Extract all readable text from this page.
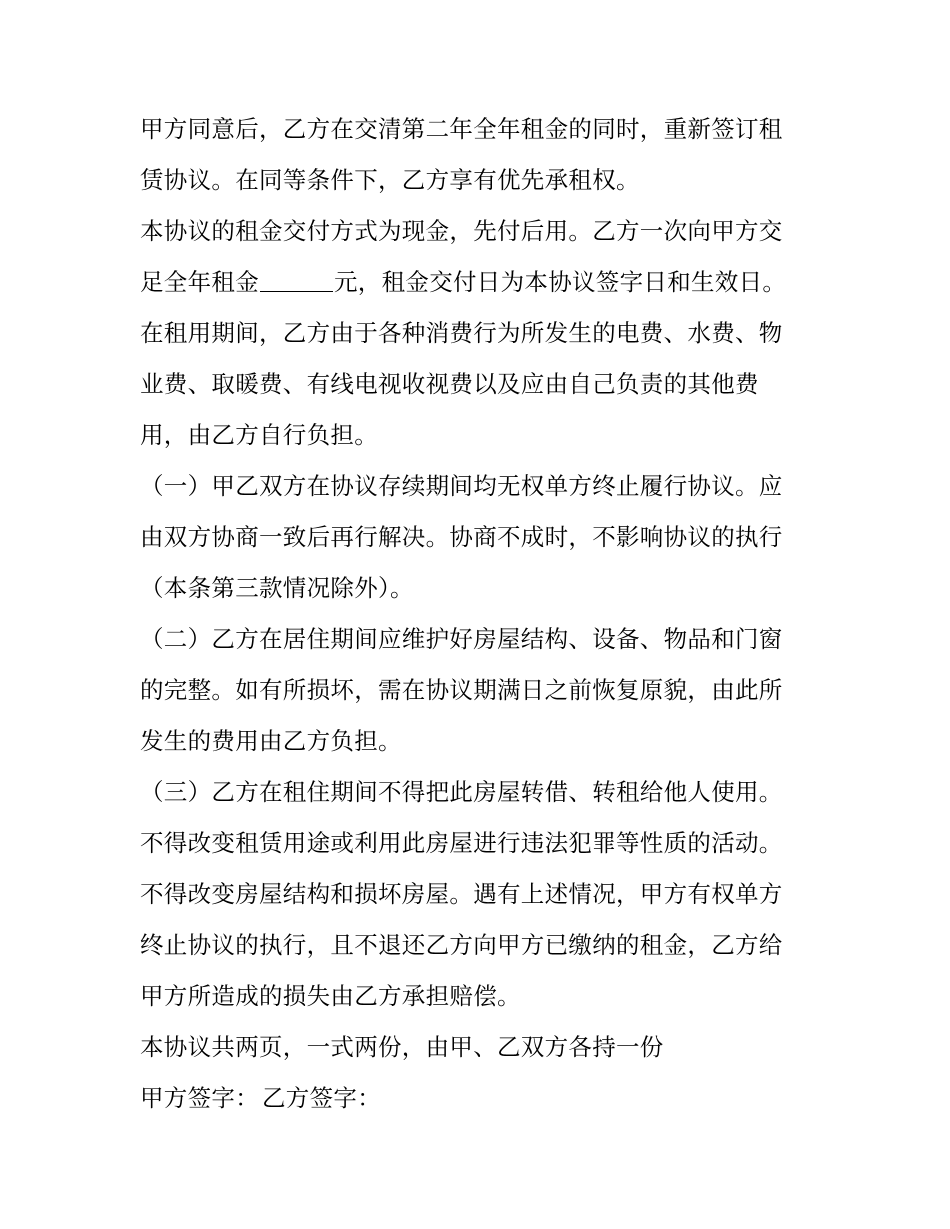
甲方同意后，乙方在交清第二年全年租金的同时，重新签订租
赁协议。在同等条件下，乙方享有优先承租权。
本协议的租金交付方式为现金，先付后用。乙方一次向甲方交
足全年租金	元，租金交付日为本协议签字日和生效日。
在租用期间，乙方由于各种消费行为所发生的电费、水费、物
业费、取暖费、有线电视收视费以及应由自己负责的其他费
用，由乙方自行负担。
（一）甲乙双方在协议存续期间均无权单方终止履行协议。应
由双方协商一致后再行解决。协商不成时，不影响协议的执行
（本条第三款情况除外）。
（二）乙方在居住期间应维护好房屋结构、设备、物品和门窗
的完整。如有所损坏，需在协议期满日之前恢复原貌，由此所
发生的费用由乙方负担。
（三）乙方在租住期间不得把此房屋转借、转租给他人使用。
不得改变租赁用途或利用此房屋进行违法犯罪等性质的活动。
不得改变房屋结构和损坏房屋。遇有上述情况，甲方有权单方
终止协议的执行，且不退还乙方向甲方已缴纳的租金，乙方给
甲方所造成的损失由乙方承担赔偿。
本协议共两页，一式两份，由甲、乙双方各持一份
甲方签字： 乙方签字：
